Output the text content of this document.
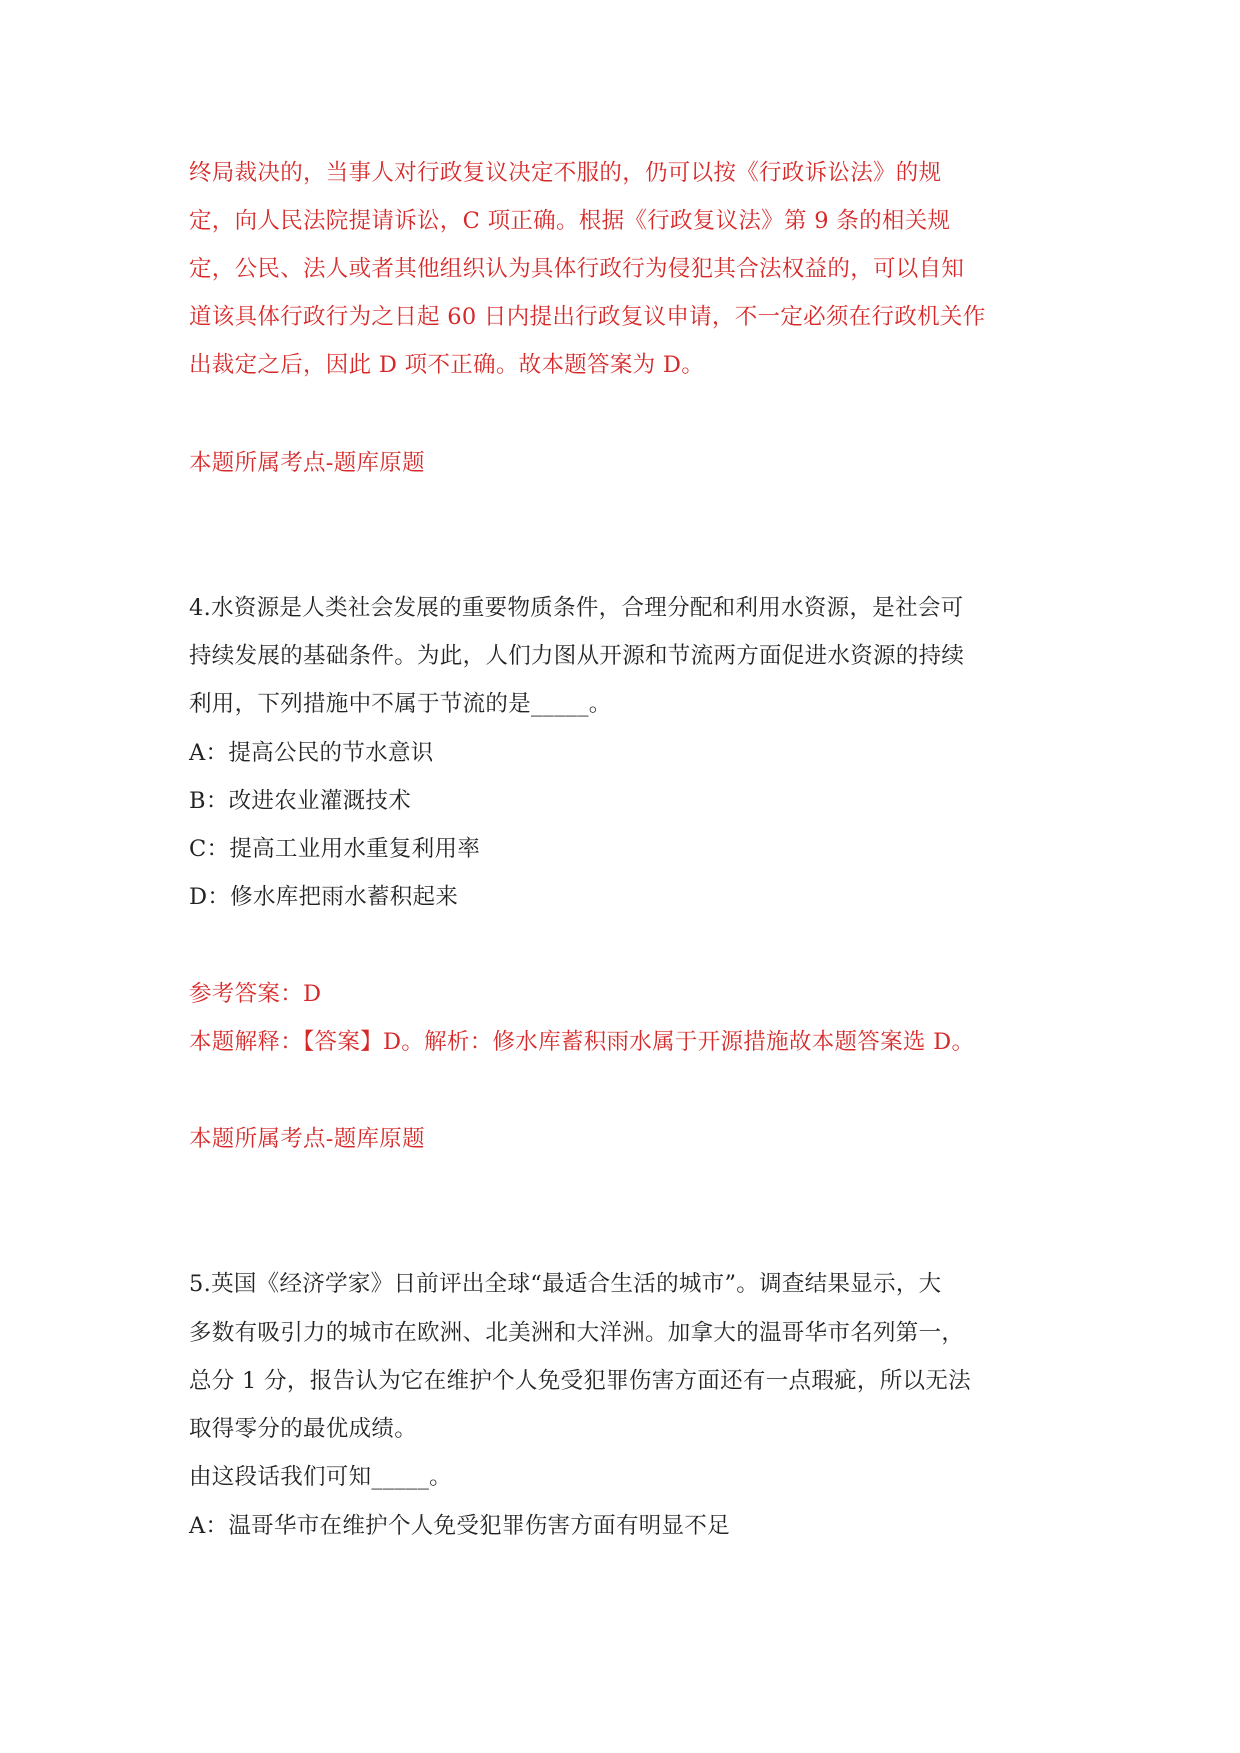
终局裁决的，当事人对行政复议决定不服的，仍可以按《行政诉讼法》的规

定，向人民法院提请诉讼，C 项正确。根据《行政复议法》第 9 条的相关规

定，公民、法人或者其他组织认为具体行政行为侵犯其合法权益的，可以自知

道该具体行政行为之日起 60 日内提出行政复议申请，不一定必须在行政机关作

出裁定之后，因此 D 项不正确。故本题答案为 D。

本题所属考点-题库原题

4.水资源是人类社会发展的重要物质条件，合理分配和利用水资源，是社会可

持续发展的基础条件。为此，人们力图从开源和节流两方面促进水资源的持续

利用，下列措施中不属于节流的是_____。

A：提高公民的节水意识

B：改进农业灌溉技术

C：提高工业用水重复利用率

D：修水库把雨水蓄积起来

参考答案：D

本题解释：【答案】D。解析：修水库蓄积雨水属于开源措施故本题答案选 D。

本题所属考点-题库原题

5.英国《经济学家》日前评出全球“最适合生活的城市”。调查结果显示，大

多数有吸引力的城市在欧洲、北美洲和大洋洲。加拿大的温哥华市名列第一，

总分 1 分，报告认为它在维护个人免受犯罪伤害方面还有一点瑕疵，所以无法

取得零分的最优成绩。

由这段话我们可知_____。

A：温哥华市在维护个人免受犯罪伤害方面有明显不足
